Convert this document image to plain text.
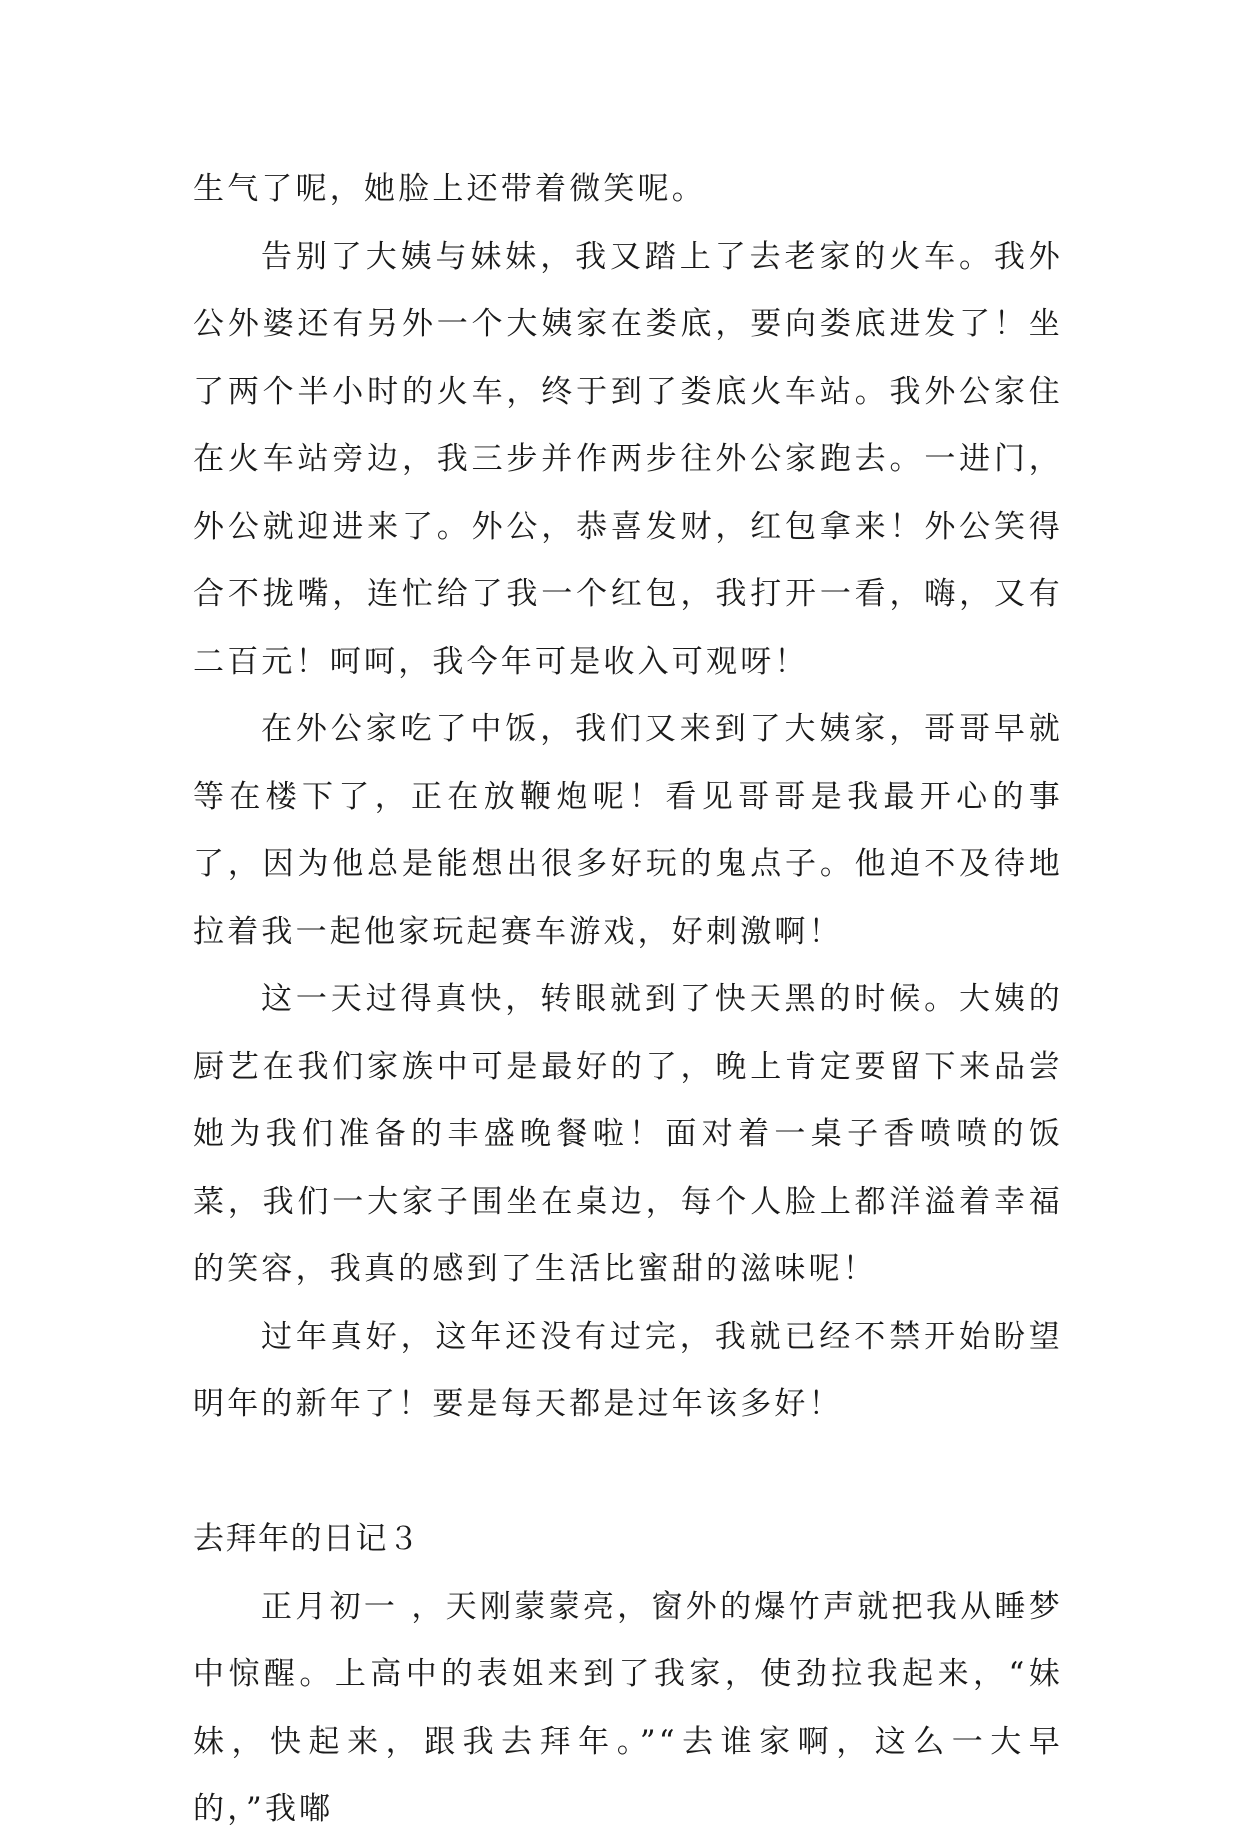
生气了呢，她脸上还带着微笑呢。

告别了大姨与妹妹，我又踏上了去老家的火车。我外公外婆还有另外一个大姨家在娄底，要向娄底进发了！坐了两个半小时的火车，终于到了娄底火车站。我外公家住在火车站旁边，我三步并作两步往外公家跑去。一进门，外公就迎进来了。外公，恭喜发财，红包拿来！外公笑得合不拢嘴，连忙给了我一个红包，我打开一看，嗨，又有二百元！呵呵，我今年可是收入可观呀！

在外公家吃了中饭，我们又来到了大姨家，哥哥早就等在楼下了，正在放鞭炮呢！看见哥哥是我最开心的事了，因为他总是能想出很多好玩的鬼点子。他迫不及待地拉着我一起他家玩起赛车游戏，好刺激啊！

这一天过得真快，转眼就到了快天黑的时候。大姨的厨艺在我们家族中可是最好的了，晚上肯定要留下来品尝她为我们准备的丰盛晚餐啦！面对着一桌子香喷喷的饭菜，我们一大家子围坐在桌边，每个人脸上都洋溢着幸福的笑容，我真的感到了生活比蜜甜的滋味呢！

过年真好，这年还没有过完，我就已经不禁开始盼望明年的新年了！要是每天都是过年该多好！

去拜年的日记３

正月初一 ，天刚蒙蒙亮，窗外的爆竹声就把我从睡梦中惊醒。上高中的表姐来到了我家，使劲拉我起来，“妹妹，快起来，跟我去拜年。”“去谁家啊，这么一大早的，”我嘟
